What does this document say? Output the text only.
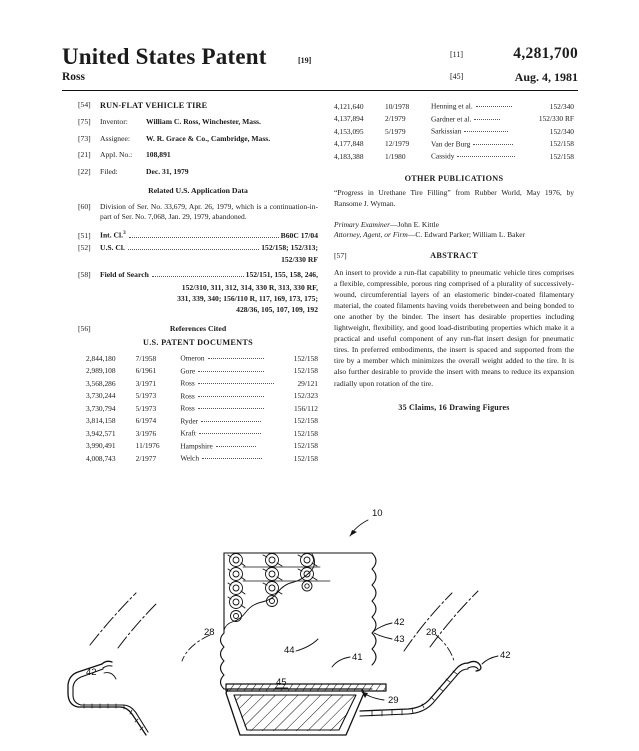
United States Patent	[19]
Ross
[11]	4,281,700
[45]	Aug. 4, 1981
[54]	RUN-FLAT VEHICLE TIRE
[75]	Inventor:	William C. Ross, Winchester, Mass.
[73]	Assignee:	W. R. Grace & Co., Cambridge, Mass.
[21]	Appl. No.:	108,891
[22]	Filed:	Dec. 31, 1979
Related U.S. Application Data
[60]	Division of Ser. No. 33,679, Apr. 26, 1979, which is a continuation-in-part of Ser. No. 7,068, Jan. 29, 1979, abandoned.
[51]	Int. Cl.$^3$	B60C 17/04
[52]	U.S. Cl.	152/158; 152/313;
152/330 RF
[58]	Field of Search	152/151, 155, 158, 246,
152/310, 311, 312, 314, 330 R, 313, 330 RF,
331, 339, 340; 156/110 R, 117, 169, 173, 175;
428/36, 105, 107, 109, 192
[56]	References Cited
U.S. PATENT DOCUMENTS
2,844,180	7/1958	Omeron	152/158
2,989,108	6/1961	Gore	152/158
3,568,286	3/1971	Ross	29/121
3,730,244	5/1973	Ross	152/323
3,730,794	5/1973	Ross	156/112
3,814,158	6/1974	Ryder	152/158
3,942,571	3/1976	Kraft	152/158
3,990,491	11/1976	Hampshire	152/158
4,008,743	2/1977	Welch	152/158
4,121,640	10/1978	Henning et al.	152/340
4,137,894	2/1979	Gardner et al.	152/330 RF
4,153,095	5/1979	Sarkissian	152/340
4,177,848	12/1979	Van der Burg	152/158
4,183,388	1/1980	Cassidy	152/158
OTHER PUBLICATIONS
“Progress in Urethane Tire Filling” from Rubber World, May 1976, by Ransome J. Wyman.
Primary Examiner—John E. Kittle
Attorney, Agent, or Firm—C. Edward Parker; William L. Baker
[57]	ABSTRACT
An insert to provide a run-flat capability to pneumatic vehicle tires comprises a flexible, compressible, porous ring comprised of a plurality of successively-wound, circumferential layers of an elastomeric binder-coated filamentary material, the coated filaments having voids therebetween and being bonded to one another by the binder. The insert has desirable properties including lightweight, flexibility, and good load-distributing properties which make it a practical and useful component of any run-flat insert design for pneumatic tires. In preferred embodiments, the insert is spaced and supported from the tire by a member which minimizes the overall weight added to the tire. It is also further desirable to provide the insert with means to reduce its expansion radially upon rotation of the tire.
35 Claims, 16 Drawing Figures
10
28
42
42
43
44
41
45
28
42
29
